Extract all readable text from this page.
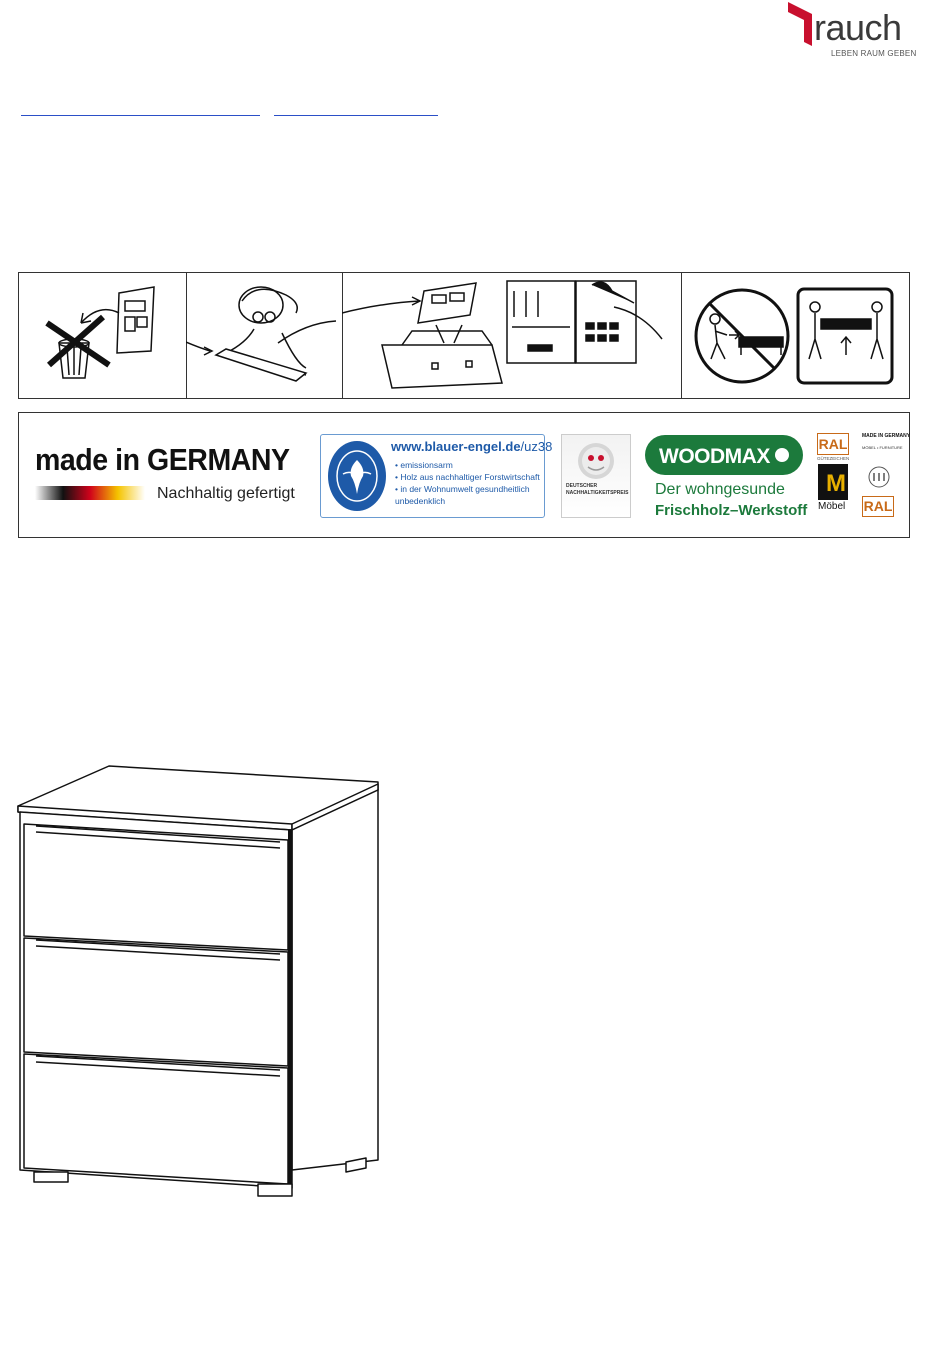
rauch
LEBEN RAUM GEBEN
made in GERMANY
Nachhaltig gefertigt
www.blauer-engel.de/uz38
• emissionsarm
• Holz aus nachhaltiger Forstwirtschaft
• in der Wohnumwelt gesundheitlich unbedenklich
DEUTSCHER
NACHHALTIGKEITSPREIS
WOODMAX
Der wohngesunde
Frischholz–Werkstoff
RAL
GÜTEZEICHEN
M
Möbel
MADE IN GERMANY
MÖBEL • FURNITURE
RAL
